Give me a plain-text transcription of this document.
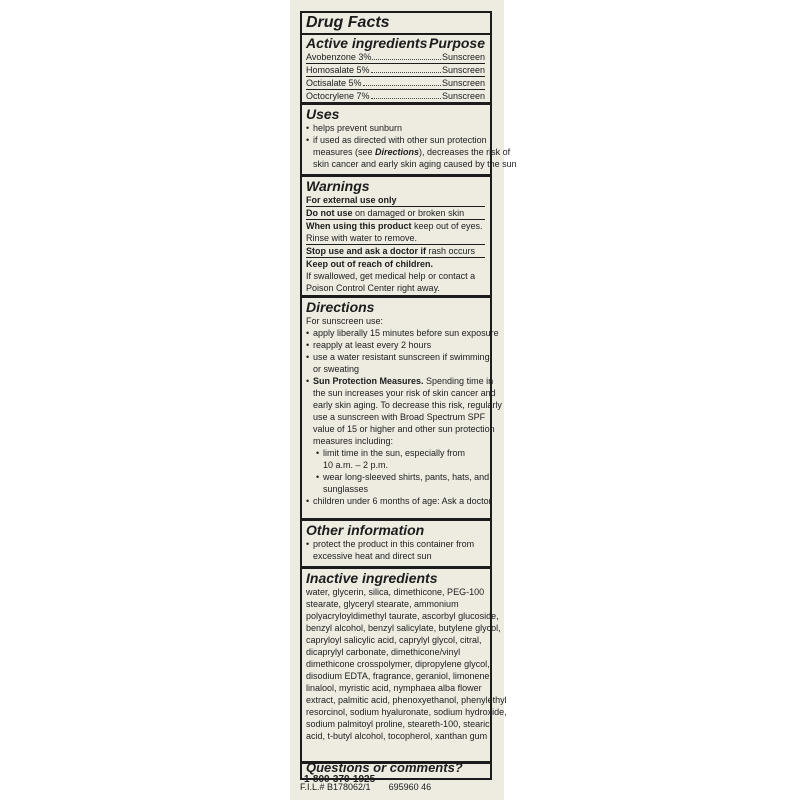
Drug Facts
Active ingredients Purpose
Avobenzone 3%	Sunscreen
Homosalate 5%	Sunscreen
Octisalate 5%	Sunscreen
Octocrylene 7%	Sunscreen
Uses
• helps prevent sunburn
• if used as directed with other sun protection
measures (see Directions), decreases the risk of
skin cancer and early skin aging caused by the sun
Warnings
For external use only
Do not use on damaged or broken skin
When using this product keep out of eyes.
Rinse with water to remove.
Stop use and ask a doctor if rash occurs
Keep out of reach of children.
If swallowed, get medical help or contact a
Poison Control Center right away.
Directions
For sunscreen use:
• apply liberally 15 minutes before sun exposure
• reapply at least every 2 hours
• use a water resistant sunscreen if swimming
or sweating
• Sun Protection Measures. Spending time in
the sun increases your risk of skin cancer and
early skin aging. To decrease this risk, regularly
use a sunscreen with Broad Spectrum SPF
value of 15 or higher and other sun protection
measures including:
• limit time in the sun, especially from
10 a.m. – 2 p.m.
• wear long-sleeved shirts, pants, hats, and
sunglasses
• children under 6 months of age: Ask a doctor
Other information
• protect the product in this container from
excessive heat and direct sun
Inactive ingredients
water, glycerin, silica, dimethicone, PEG-100
stearate, glyceryl stearate, ammonium
polyacryloyldimethyl taurate, ascorbyl glucoside,
benzyl alcohol, benzyl salicylate, butylene glycol,
capryloyl salicylic acid, caprylyl glycol, citral,
dicaprylyl carbonate, dimethicone/vinyl
dimethicone crosspolymer, dipropylene glycol,
disodium EDTA, fragrance, geraniol, limonene,
linalool, myristic acid, nymphaea alba flower
extract, palmitic acid, phenoxyethanol, phenylethyl
resorcinol, sodium hyaluronate, sodium hydroxide,
sodium palmitoyl proline, steareth-100, stearic
acid, t-butyl alcohol, tocopherol, xanthan gum
Questions or comments?
1-800-370-1925
F.I.L.# B178062/1 695960 46
